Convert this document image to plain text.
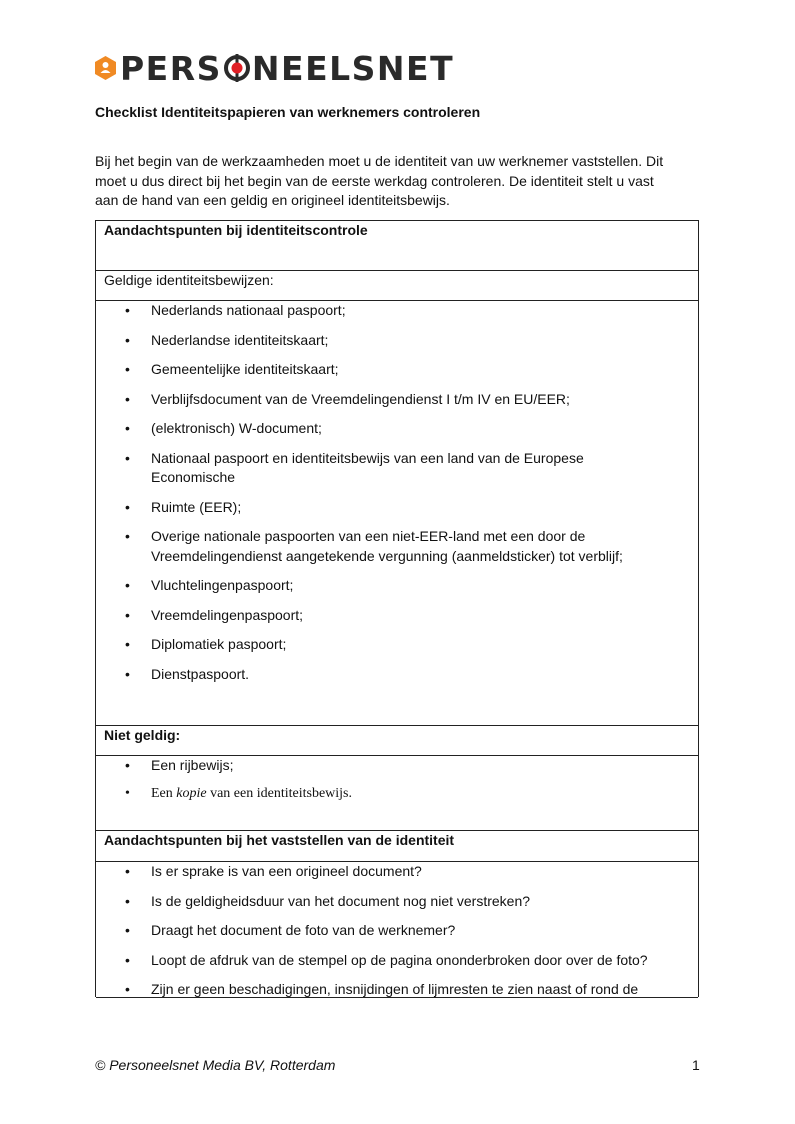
PERS NEELSNET
Checklist Identiteitspapieren van werknemers controleren
Bij het begin van de werkzaamheden moet u de identiteit van uw werknemer vaststellen. Dit
moet u dus direct bij het begin van de eerste werkdag controleren. De identiteit stelt u vast
aan de hand van een geldig en origineel identiteitsbewijs.
Aandachtspunten bij identiteitscontrole
Geldige identiteitsbewijzen:
• Nederlands nationaal paspoort;
• Nederlandse identiteitskaart;
• Gemeentelijke identiteitskaart;
• Verblijfsdocument van de Vreemdelingendienst I t/m IV en EU/EER;
• (elektronisch) W-document;
• Nationaal paspoort en identiteitsbewijs van een land van de Europese
Economische
• Ruimte (EER);
• Overige nationale paspoorten van een niet-EER-land met een door de
Vreemdelingendienst aangetekende vergunning (aanmeldsticker) tot verblijf;
• Vluchtelingenpaspoort;
• Vreemdelingenpaspoort;
• Diplomatiek paspoort;
• Dienstpaspoort.
Niet geldig:
• Een rijbewijs;
• Een kopie van een identiteitsbewijs.
Aandachtspunten bij het vaststellen van de identiteit
• Is er sprake is van een origineel document?
• Is de geldigheidsduur van het document nog niet verstreken?
• Draagt het document de foto van de werknemer?
• Loopt de afdruk van de stempel op de pagina ononderbroken door over de foto?
• Zijn er geen beschadigingen, insnijdingen of lijmresten te zien naast of rond de
© Personeelsnet Media BV, Rotterdam	1
